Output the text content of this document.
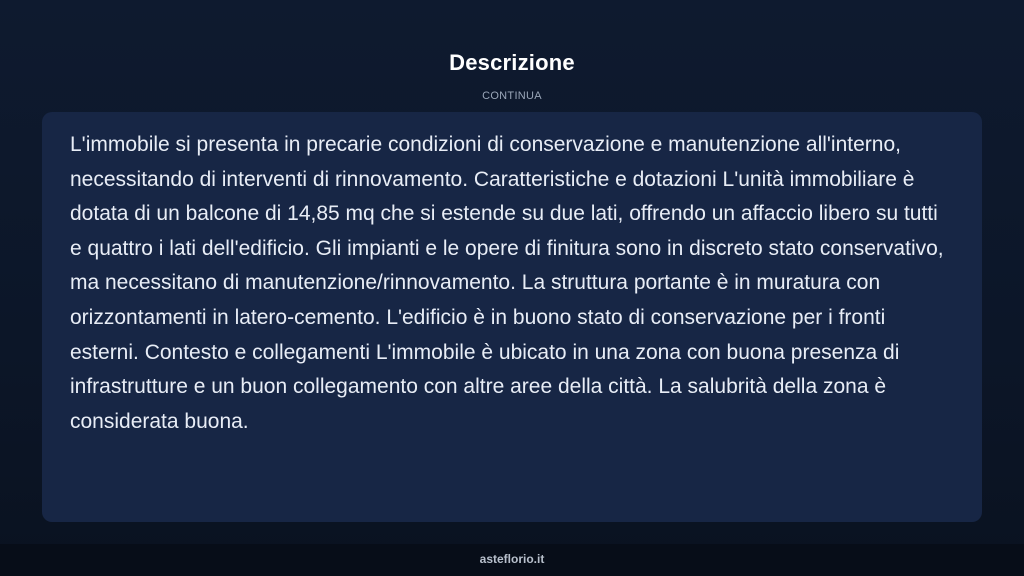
Descrizione
CONTINUA

L'immobile si presenta in precarie condizioni di conservazione e manutenzione all'interno, necessitando di interventi di rinnovamento. Caratteristiche e dotazioni L'unità immobiliare è dotata di un balcone di 14,85 mq che si estende su due lati, offrendo un affaccio libero su tutti e quattro i lati dell'edificio. Gli impianti e le opere di finitura sono in discreto stato conservativo, ma necessitano di manutenzione/rinnovamento. La struttura portante è in muratura con orizzontamenti in latero-cemento. L'edificio è in buono stato di conservazione per i fronti esterni. Contesto e collegamenti L'immobile è ubicato in una zona con buona presenza di infrastrutture e un buon collegamento con altre aree della città. La salubrità della zona è considerata buona.

asteflorio.it
